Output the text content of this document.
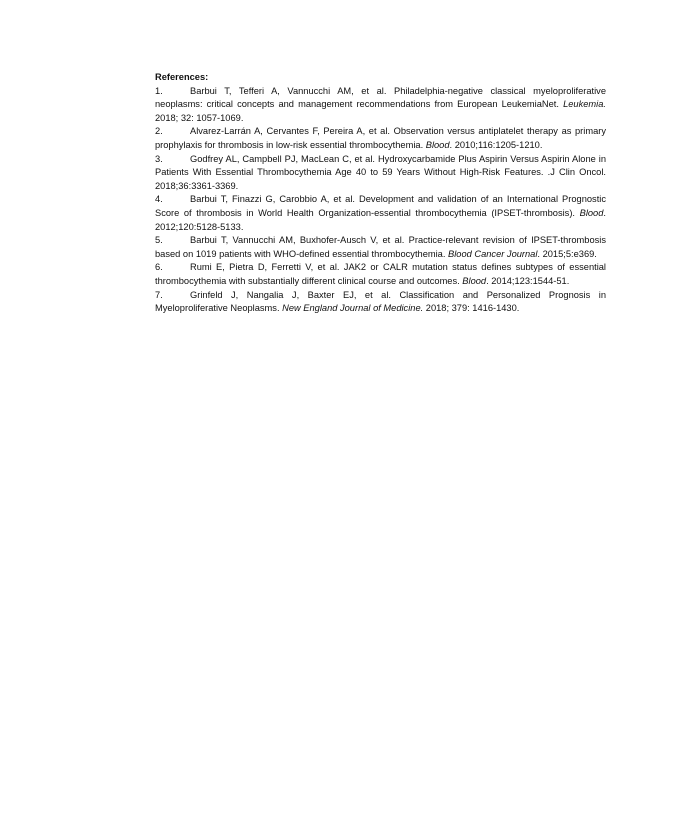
References:
1.	Barbui T, Tefferi A, Vannucchi AM, et al. Philadelphia-negative classical myeloproliferative neoplasms: critical concepts and management recommendations from European LeukemiaNet. Leukemia. 2018; 32: 1057-1069.
2.	Alvarez-Larrán A, Cervantes F, Pereira A, et al. Observation versus antiplatelet therapy as primary prophylaxis for thrombosis in low-risk essential thrombocythemia. Blood. 2010;116:1205-1210.
3.	Godfrey AL, Campbell PJ, MacLean C, et al. Hydroxycarbamide Plus Aspirin Versus Aspirin Alone in Patients With Essential Thrombocythemia Age 40 to 59 Years Without High-Risk Features. .J Clin Oncol. 2018;36:3361-3369.
4.	Barbui T, Finazzi G, Carobbio A, et al. Development and validation of an International Prognostic Score of thrombosis in World Health Organization-essential thrombocythemia (IPSET-thrombosis). Blood. 2012;120:5128-5133.
5.	Barbui T, Vannucchi AM, Buxhofer-Ausch V, et al. Practice-relevant revision of IPSET-thrombosis based on 1019 patients with WHO-defined essential thrombocythemia. Blood Cancer Journal. 2015;5:e369.
6.	Rumi E, Pietra D, Ferretti V, et al. JAK2 or CALR mutation status defines subtypes of essential thrombocythemia with substantially different clinical course and outcomes. Blood. 2014;123:1544-51.
7.	Grinfeld J, Nangalia J, Baxter EJ, et al. Classification and Personalized Prognosis in Myeloproliferative Neoplasms. New England Journal of Medicine. 2018; 379: 1416-1430.
